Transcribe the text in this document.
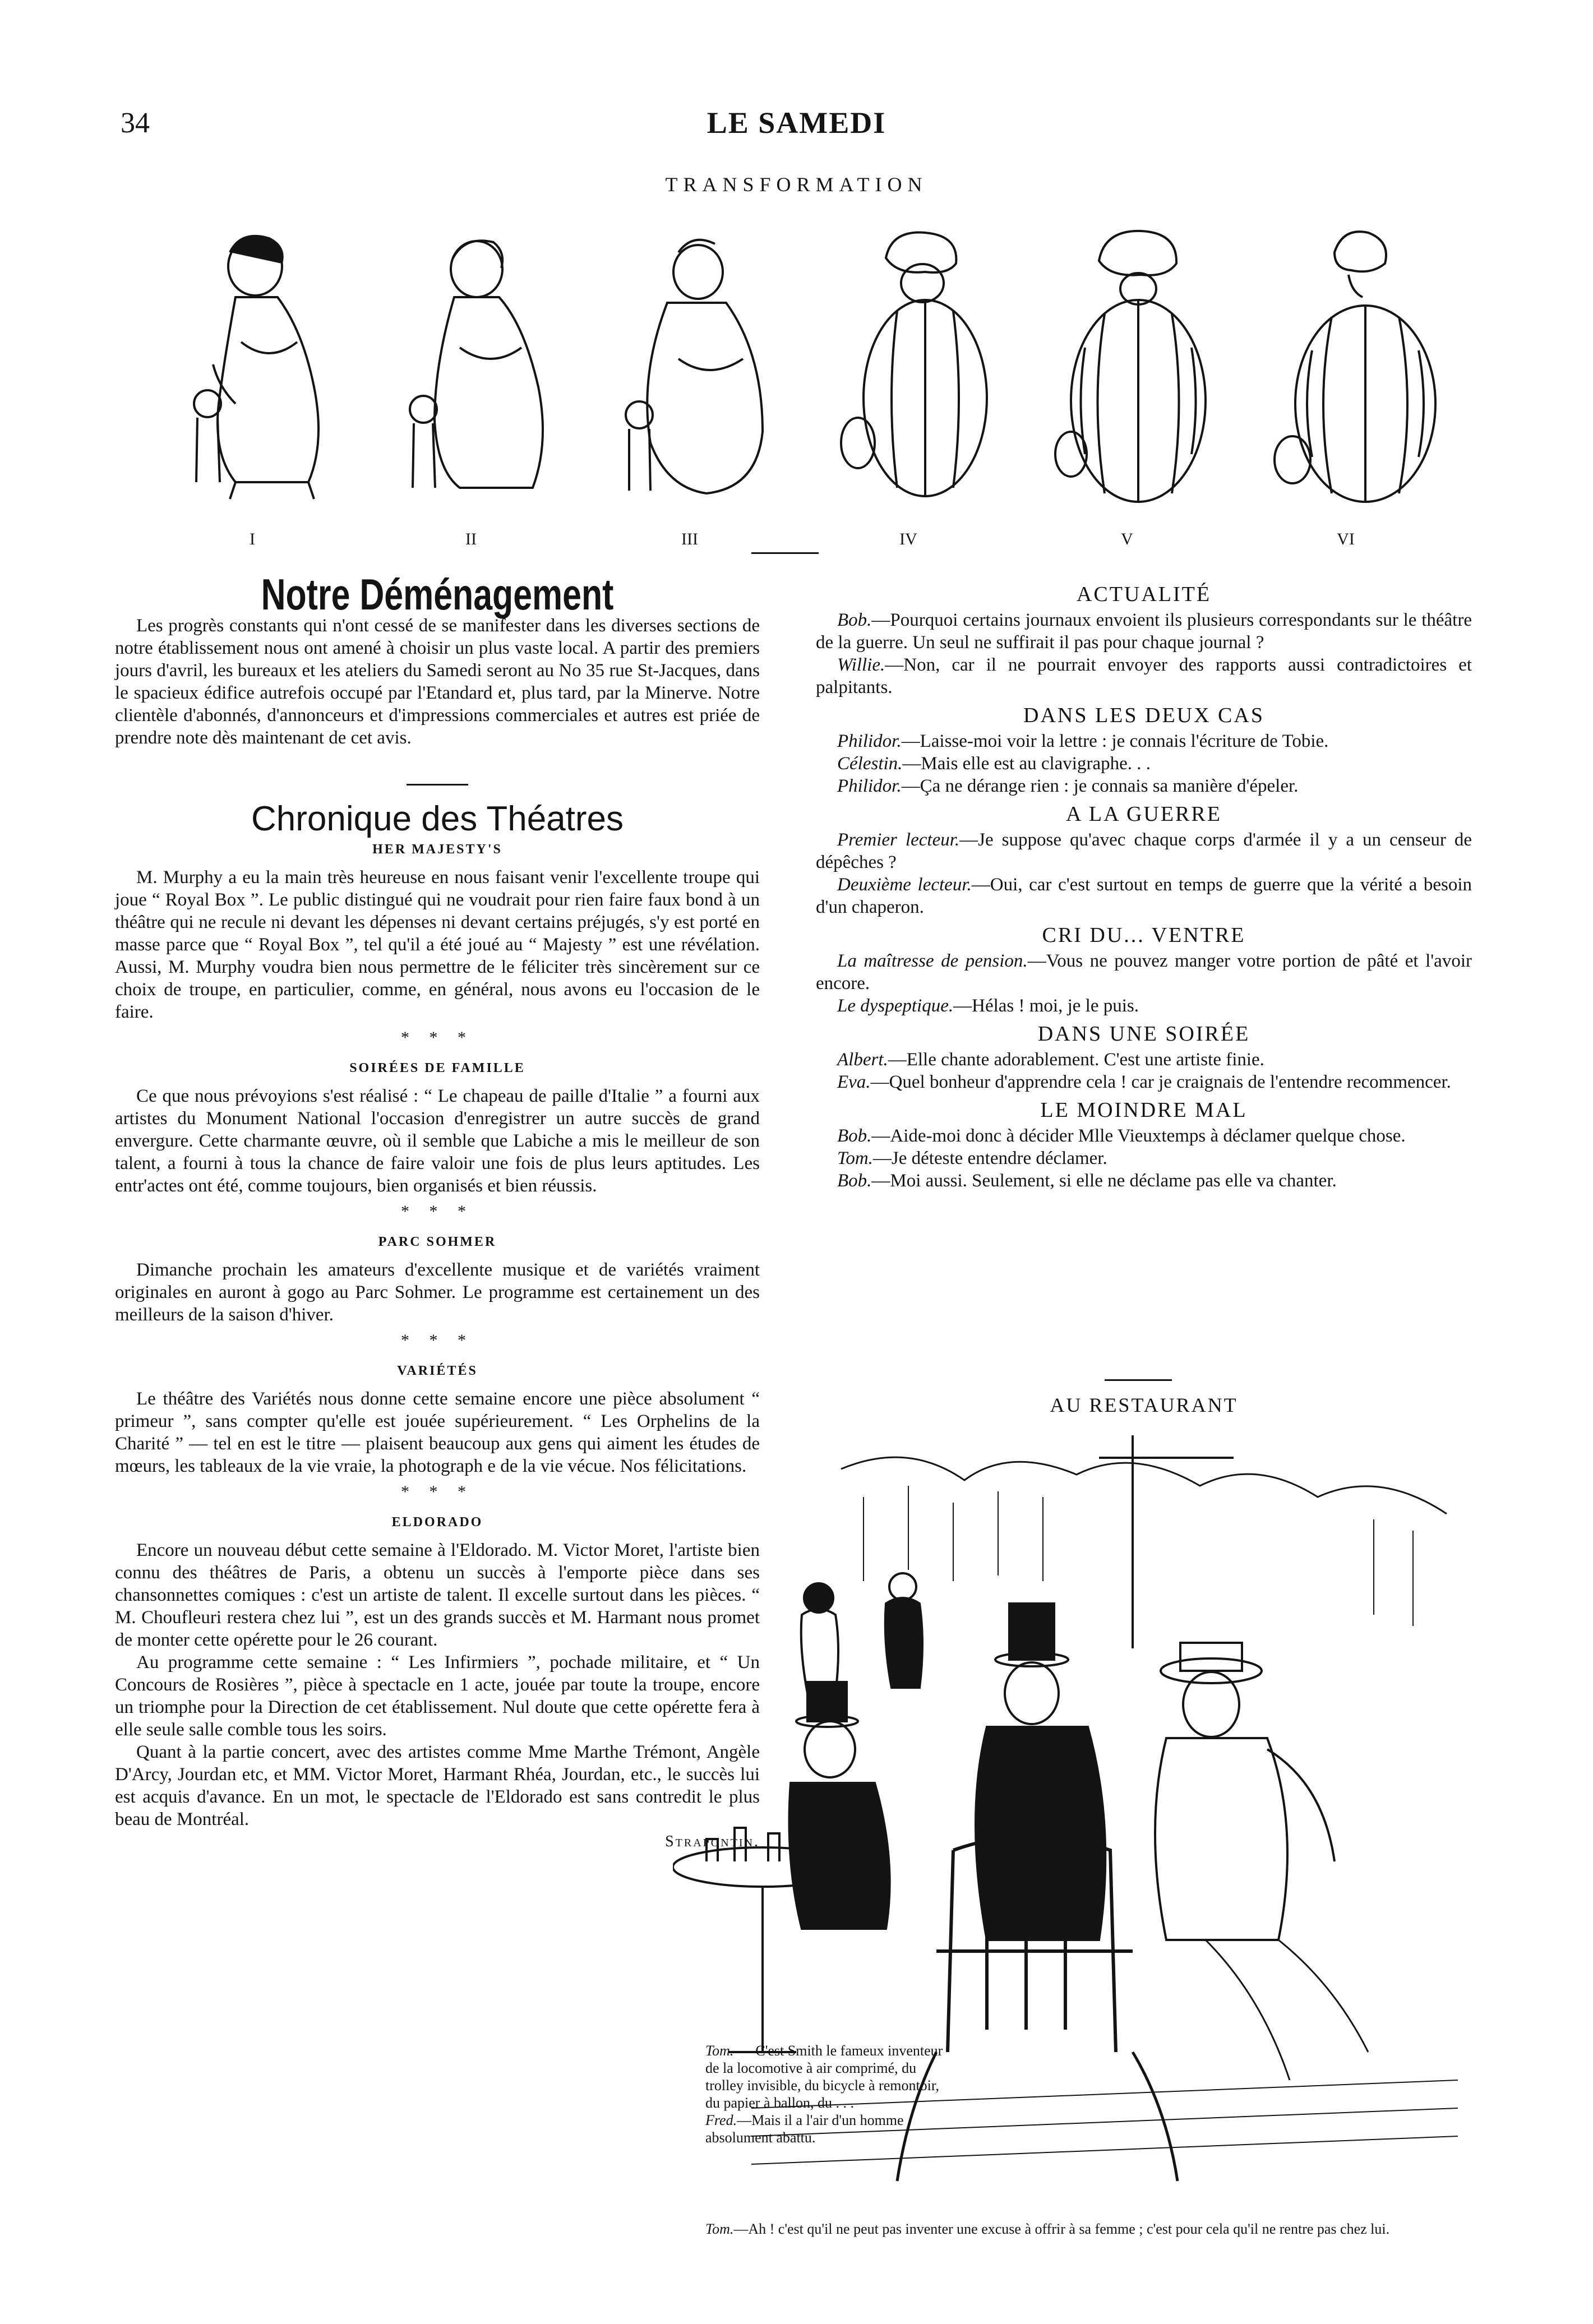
34	LE SAMEDI
TRANSFORMATION
I	II	III	IV	V	VI
Notre Déménagement

Les progrès constants qui n'ont cessé de se manifester dans les diverses sections de notre établissement nous ont amené à choisir un plus vaste local. A partir des premiers jours d'avril, les bureaux et les ateliers du Samedi seront au No 35 rue St-Jacques, dans le spacieux édifice autrefois occupé par l'Etandard et, plus tard, par la Minerve. Notre clientèle d'abonnés, d'annonceurs et d'impressions commerciales et autres est priée de prendre note dès maintenant de cet avis.

Chronique des Théatres
HER MAJESTY'S

M. Murphy a eu la main très heureuse en nous faisant venir l'excellente troupe qui joue “ Royal Box ”. Le public distingué qui ne voudrait pour rien faire faux bond à un théâtre qui ne recule ni devant les dépenses ni devant certains préjugés, s'y est porté en masse parce que “ Royal Box ”, tel qu'il a été joué au “ Majesty ” est une révélation. Aussi, M. Murphy voudra bien nous permettre de le féliciter très sincèrement sur ce choix de troupe, en particulier, comme, en général, nous avons eu l'occasion de le faire.

* * *
SOIRÉES DE FAMILLE

Ce que nous prévoyions s'est réalisé : “ Le chapeau de paille d'Italie ” a fourni aux artistes du Monument National l'occasion d'enregistrer un autre succès de grand envergure. Cette charmante œuvre, où il semble que Labiche a mis le meilleur de son talent, a fourni à tous la chance de faire valoir une fois de plus leurs aptitudes. Les entr'actes ont été, comme toujours, bien organisés et bien réussis.

* * *
PARC SOHMER

Dimanche prochain les amateurs d'excellente musique et de variétés vraiment originales en auront à gogo au Parc Sohmer. Le programme est certainement un des meilleurs de la saison d'hiver.

* * *
VARIÉTÉS

Le théâtre des Variétés nous donne cette semaine encore une pièce absolument “ primeur ”, sans compter qu'elle est jouée supérieurement. “ Les Orphelins de la Charité ” — tel en est le titre — plaisent beaucoup aux gens qui aiment les études de mœurs, les tableaux de la vie vraie, la photograph e de la vie vécue. Nos félicitations.

* * *
ELDORADO

Encore un nouveau début cette semaine à l'Eldorado. M. Victor Moret, l'artiste bien connu des théâtres de Paris, a obtenu un succès à l'emporte pièce dans ses chansonnettes comiques : c'est un artiste de talent. Il excelle surtout dans les pièces. “ M. Choufleuri restera chez lui ”, est un des grands succès et M. Harmant nous promet de monter cette opérette pour le 26 courant.

Au programme cette semaine : “ Les Infirmiers ”, pochade militaire, et “ Un Concours de Rosières ”, pièce à spectacle en 1 acte, jouée par toute la troupe, encore un triomphe pour la Direction de cet établissement. Nul doute que cette opérette fera à elle seule salle comble tous les soirs.

Quant à la partie concert, avec des artistes comme Mme Marthe Trémont, Angèle D'Arcy, Jourdan etc, et MM. Victor Moret, Harmant Rhéa, Jourdan, etc., le succès lui est acquis d'avance. En un mot, le spectacle de l'Eldorado est sans contredit le plus beau de Montréal.

Strapontin.
ACTUALITÉ

Bob.—Pourquoi certains journaux envoient ils plusieurs correspondants sur le théâtre de la guerre. Un seul ne suffirait il pas pour chaque journal ?

Willie.—Non, car il ne pourrait envoyer des rapports aussi contradictoires et palpitants.

DANS LES DEUX CAS

Philidor.—Laisse-moi voir la lettre : je connais l'écriture de Tobie.

Célestin.—Mais elle est au clavigraphe. . .

Philidor.—Ça ne dérange rien : je connais sa manière d'épeler.

A LA GUERRE

Premier lecteur.—Je suppose qu'avec chaque corps d'armée il y a un censeur de dépêches ?

Deuxième lecteur.—Oui, car c'est surtout en temps de guerre que la vérité a besoin d'un chaperon.

CRI DU... VENTRE

La maîtresse de pension.—Vous ne pouvez manger votre portion de pâté et l'avoir encore.

Le dyspeptique.—Hélas ! moi, je le puis.

DANS UNE SOIRÉE

Albert.—Elle chante adorablement. C'est une artiste finie.

Eva.—Quel bonheur d'apprendre cela ! car je craignais de l'entendre recommencer.

LE MOINDRE MAL

Bob.—Aide-moi donc à décider Mlle Vieuxtemps à déclamer quelque chose.

Tom.—Je déteste entendre déclamer.

Bob.—Moi aussi. Seulement, si elle ne déclame pas elle va chanter.

AU RESTAURANT
Tom. — C'est Smith le fameux inventeur de la locomotive à air comprimé, du trolley invisible, du bicycle à remontoir, du papier à ballon, du . . .
Fred.—Mais il a l'air d'un homme absolument abattu.
Tom.—Ah ! c'est qu'il ne peut pas inventer une excuse à offrir à sa femme ; c'est pour cela qu'il ne rentre pas chez lui.
